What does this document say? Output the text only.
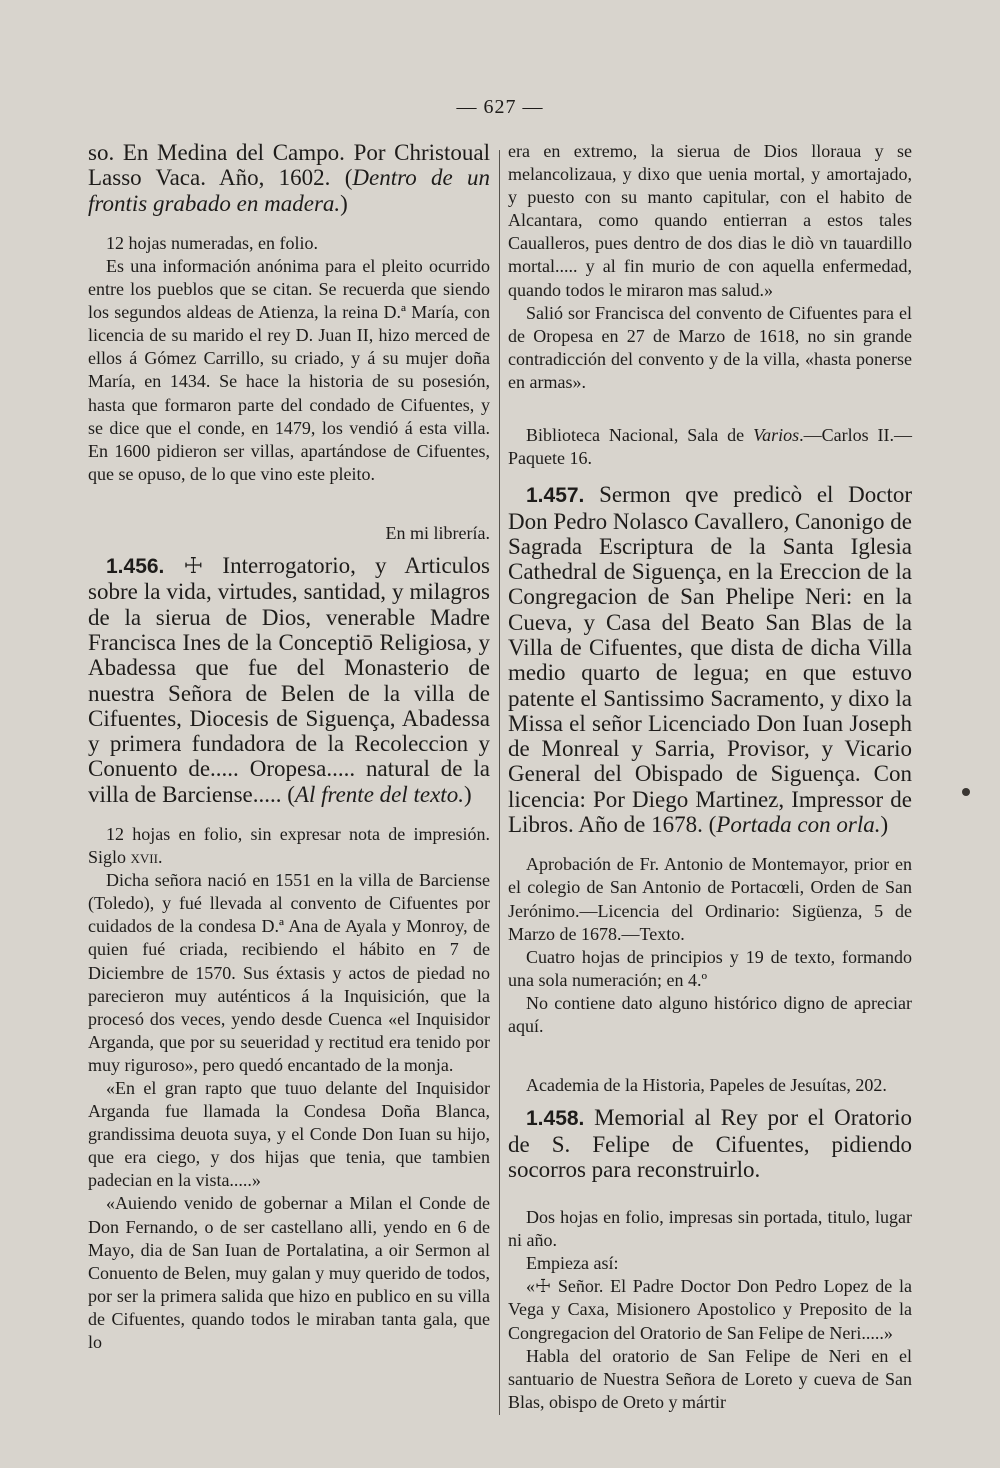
— 627 —

so. En Medina del Campo. Por Christoual Lasso Vaca. Año, 1602. (Dentro de un frontis grabado en madera.)

12 hojas numeradas, en folio.

Es una información anónima para el pleito ocurrido entre los pueblos que se citan. Se recuerda que siendo los segundos aldeas de Atienza, la reina D.ª María, con licencia de su marido el rey D. Juan II, hizo merced de ellos á Gómez Carrillo, su criado, y á su mujer doña María, en 1434. Se hace la historia de su posesión, hasta que formaron parte del condado de Cifuentes, y se dice que el conde, en 1479, los vendió á esta villa. En 1600 pidieron ser villas, apartándose de Cifuentes, que se opuso, de lo que vino este pleito.

En mi librería.

1.456. ☩ Interrogatorio, y Articulos sobre la vida, virtudes, santidad, y milagros de la sierua de Dios, venerable Madre Francisca Ines de la Conceptiō Religiosa, y Abadessa que fue del Monasterio de nuestra Señora de Belen de la villa de Cifuentes, Diocesis de Siguença, Abadessa y primera fundadora de la Recoleccion y Conuento de..... Oropesa..... natural de la villa de Barciense..... (Al frente del texto.)

12 hojas en folio, sin expresar nota de impresión. Siglo xvii.

Dicha señora nació en 1551 en la villa de Barciense (Toledo), y fué llevada al convento de Cifuentes por cuidados de la condesa D.ª Ana de Ayala y Monroy, de quien fué criada, recibiendo el hábito en 7 de Diciembre de 1570. Sus éxtasis y actos de piedad no parecieron muy auténticos á la Inquisición, que la procesó dos veces, yendo desde Cuenca «el Inquisidor Arganda, que por su seueridad y rectitud era tenido por muy riguroso», pero quedó encantado de la monja.

«En el gran rapto que tuuo delante del Inquisidor Arganda fue llamada la Condesa Doña Blanca, grandissima deuota suya, y el Conde Don Iuan su hijo, que era ciego, y dos hijas que tenia, que tambien padecian en la vista.....»

«Auiendo venido de gobernar a Milan el Conde de Don Fernando, o de ser castellano alli, yendo en 6 de Mayo, dia de San Iuan de Portalatina, a oir Sermon al Conuento de Belen, muy galan y muy querido de todos, por ser la primera salida que hizo en publico en su villa de Cifuentes, quando todos le miraban tanta gala, que lo

era en extremo, la sierua de Dios lloraua y se melancolizaua, y dixo que uenia mortal, y amortajado, y puesto con su manto capitular, con el habito de Alcantara, como quando entierran a estos tales Caualleros, pues dentro de dos dias le diò vn tauardillo mortal..... y al fin murio de con aquella enfermedad, quando todos le miraron mas salud.»

Salió sor Francisca del convento de Cifuentes para el de Oropesa en 27 de Marzo de 1618, no sin grande contradicción del convento y de la villa, «hasta ponerse en armas».

Biblioteca Nacional, Sala de Varios.—Carlos II.—Paquete 16.

1.457. Sermon qve predicò el Doctor Don Pedro Nolasco Cavallero, Canonigo de Sagrada Escriptura de la Santa Iglesia Cathedral de Siguença, en la Ereccion de la Congregacion de San Phelipe Neri: en la Cueva, y Casa del Beato San Blas de la Villa de Cifuentes, que dista de dicha Villa medio quarto de legua; en que estuvo patente el Santissimo Sacramento, y dixo la Missa el señor Licenciado Don Iuan Joseph de Monreal y Sarria, Provisor, y Vicario General del Obispado de Siguença. Con licencia: Por Diego Martinez, Impressor de Libros. Año de 1678. (Portada con orla.)

Aprobación de Fr. Antonio de Montemayor, prior en el colegio de San Antonio de Portacœli, Orden de San Jerónimo.—Licencia del Ordinario: Sigüenza, 5 de Marzo de 1678.—Texto.

Cuatro hojas de principios y 19 de texto, formando una sola numeración; en 4.º

No contiene dato alguno histórico digno de apreciar aquí.

Academia de la Historia, Papeles de Jesuítas, 202.

1.458. Memorial al Rey por el Oratorio de S. Felipe de Cifuentes, pidiendo socorros para reconstruirlo.

Dos hojas en folio, impresas sin portada, titulo, lugar ni año.

Empieza así:

«☩ Señor. El Padre Doctor Don Pedro Lopez de la Vega y Caxa, Misionero Apostolico y Preposito de la Congregacion del Oratorio de San Felipe de Neri.....»

Habla del oratorio de San Felipe de Neri en el santuario de Nuestra Señora de Loreto y cueva de San Blas, obispo de Oreto y mártir
